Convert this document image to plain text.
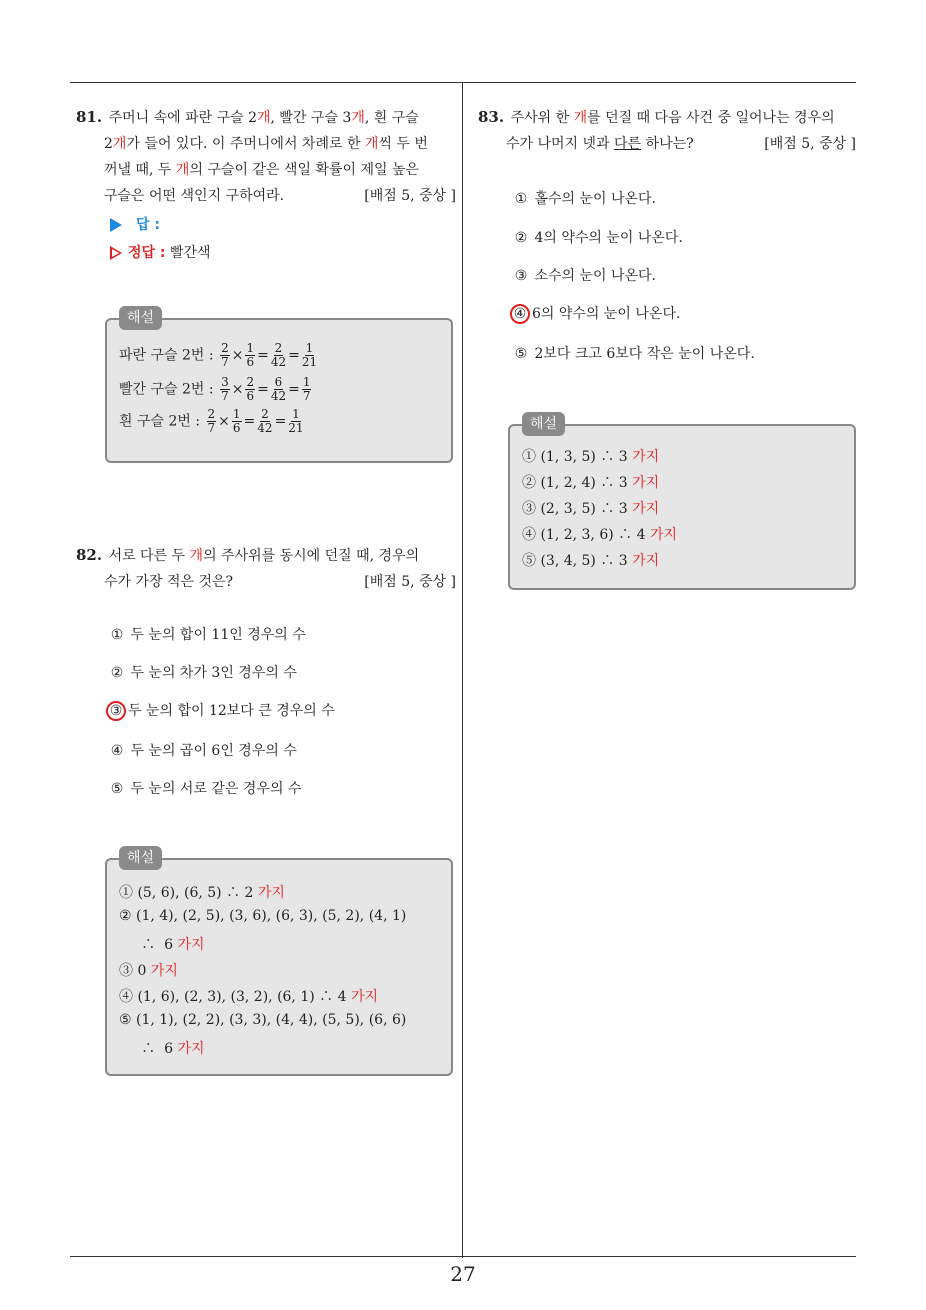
81. 주머니 속에 파란 구슬 2개, 빨간 구슬 3개, 흰 구슬
2개가 들어 있다. 이 주머니에서 차례로 한 개씩 두 번
꺼낼 때, 두 개의 구슬이 같은 색일 확률이 제일 높은
구슬은 어떤 색인지 구하여라.	[배점 5, 중상 ]
답 :
정답 : 빨간색
해설
파란 구슬 2번 : $\frac{2}{7} \times \frac{1}{6} = \frac{2}{42} = \frac{1}{21}$
빨간 구슬 2번 : $\frac{3}{7} \times \frac{2}{6} = \frac{6}{42} = \frac{1}{7}$
흰 구슬 2번 : $\frac{2}{7} \times \frac{1}{6} = \frac{2}{42} = \frac{1}{21}$
82. 서로 다른 두 개의 주사위를 동시에 던질 때, 경우의
수가 가장 적은 것은?	[배점 5, 중상 ]
① 두 눈의 합이 11인 경우의 수
② 두 눈의 차가 3인 경우의 수
③ 두 눈의 합이 12보다 큰 경우의 수
④ 두 눈의 곱이 6인 경우의 수
⑤ 두 눈의 서로 같은 경우의 수
해설
① (5, 6), (6, 5) ∴ 2 가지
② (1, 4), (2, 5), (3, 6), (6, 3), (5, 2), (4, 1)
∴  6 가지
③ 0 가지
④ (1, 6), (2, 3), (3, 2), (6, 1) ∴ 4 가지
⑤ (1, 1), (2, 2), (3, 3), (4, 4), (5, 5), (6, 6)
∴  6 가지
83. 주사위 한 개를 던질 때 다음 사건 중 일어나는 경우의
수가 나머지 넷과 다른 하나는?	[배점 5, 중상 ]
① 홀수의 눈이 나온다.
② 4의 약수의 눈이 나온다.
③ 소수의 눈이 나온다.
④ 6의 약수의 눈이 나온다.
⑤ 2보다 크고 6보다 작은 눈이 나온다.
해설
① (1, 3, 5) ∴ 3 가지
② (1, 2, 4) ∴ 3 가지
③ (2, 3, 5) ∴ 3 가지
④ (1, 2, 3, 6) ∴ 4 가지
⑤ (3, 4, 5) ∴ 3 가지
27
